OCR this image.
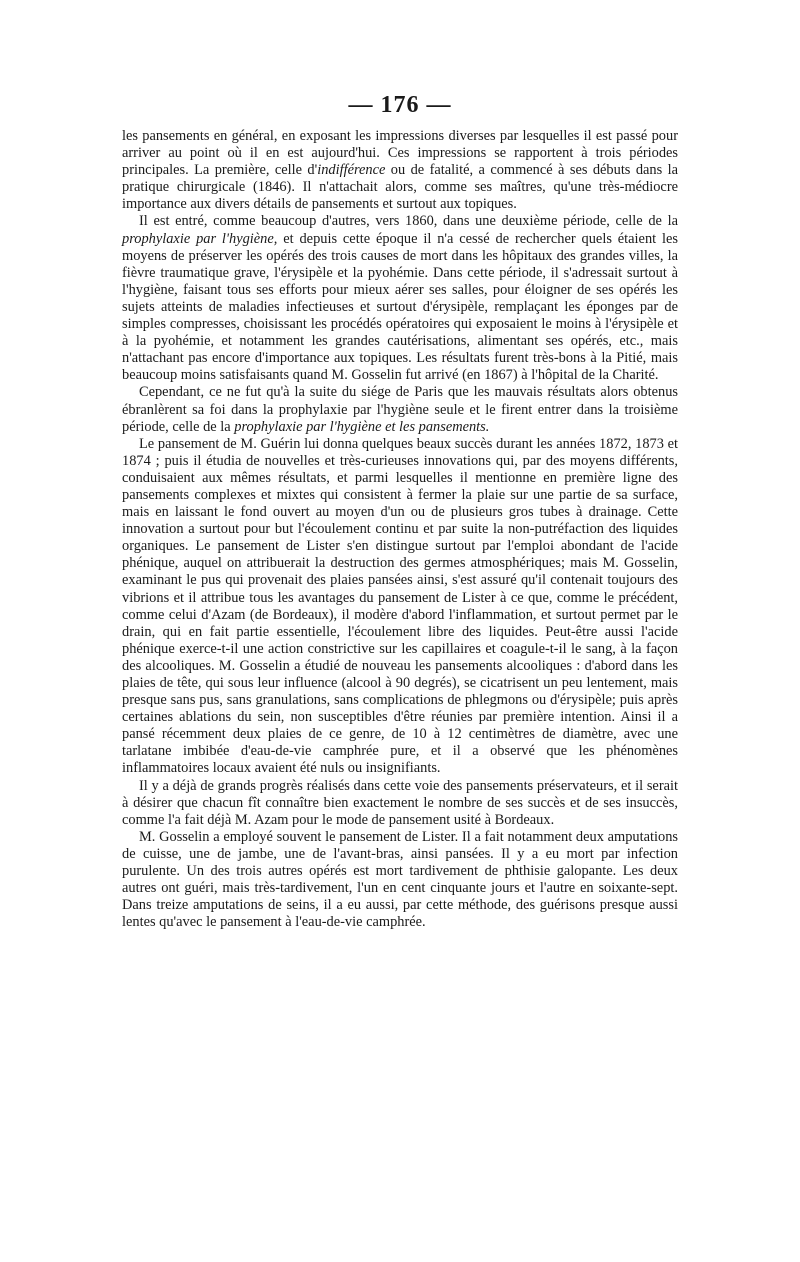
— 176 —

les pansements en général, en exposant les impressions diverses par lesquelles il est passé pour arriver au point où il en est aujourd'hui. Ces impressions se rapportent à trois périodes principales. La première, celle d'indifférence ou de fatalité, a commencé à ses débuts dans la pratique chirurgicale (1846). Il n'attachait alors, comme ses maîtres, qu'une très-médiocre importance aux divers détails de pansements et surtout aux topiques.

Il est entré, comme beaucoup d'autres, vers 1860, dans une deuxième période, celle de la prophylaxie par l'hygiène, et depuis cette époque il n'a cessé de rechercher quels étaient les moyens de préserver les opérés des trois causes de mort dans les hôpitaux des grandes villes, la fièvre traumatique grave, l'érysipèle et la pyohémie. Dans cette période, il s'adressait surtout à l'hygiène, faisant tous ses efforts pour mieux aérer ses salles, pour éloigner de ses opérés les sujets atteints de maladies infectieuses et surtout d'érysipèle, remplaçant les éponges par de simples compresses, choisissant les procédés opératoires qui exposaient le moins à l'érysipèle et à la pyohémie, et notamment les grandes cautérisations, alimentant ses opérés, etc., mais n'attachant pas encore d'importance aux topiques. Les résultats furent très-bons à la Pitié, mais beaucoup moins satisfaisants quand M. Gosselin fut arrivé (en 1867) à l'hôpital de la Charité.

Cependant, ce ne fut qu'à la suite du siége de Paris que les mauvais résultats alors obtenus ébranlèrent sa foi dans la prophylaxie par l'hygiène seule et le firent entrer dans la troisième période, celle de la prophylaxie par l'hygiène et les pansements.

Le pansement de M. Guérin lui donna quelques beaux succès durant les années 1872, 1873 et 1874 ; puis il étudia de nouvelles et très-curieuses innovations qui, par des moyens différents, conduisaient aux mêmes résultats, et parmi lesquelles il mentionne en première ligne des pansements complexes et mixtes qui consistent à fermer la plaie sur une partie de sa surface, mais en laissant le fond ouvert au moyen d'un ou de plusieurs gros tubes à drainage. Cette innovation a surtout pour but l'écoulement continu et par suite la non-putréfaction des liquides organiques. Le pansement de Lister s'en distingue surtout par l'emploi abondant de l'acide phénique, auquel on attribuerait la destruction des germes atmosphériques; mais M. Gosselin, examinant le pus qui provenait des plaies pansées ainsi, s'est assuré qu'il contenait toujours des vibrions et il attribue tous les avantages du pansement de Lister à ce que, comme le précédent, comme celui d'Azam (de Bordeaux), il modère d'abord l'inflammation, et surtout permet par le drain, qui en fait partie essentielle, l'écoulement libre des liquides. Peut-être aussi l'acide phénique exerce-t-il une action constrictive sur les capillaires et coagule-t-il le sang, à la façon des alcooliques. M. Gosselin a étudié de nouveau les pansements alcooliques : d'abord dans les plaies de tête, qui sous leur influence (alcool à 90 degrés), se cicatrisent un peu lentement, mais presque sans pus, sans granulations, sans complications de phlegmons ou d'érysipèle; puis après certaines ablations du sein, non susceptibles d'être réunies par première intention. Ainsi il a pansé récemment deux plaies de ce genre, de 10 à 12 centimètres de diamètre, avec une tarlatane imbibée d'eau-de-vie camphrée pure, et il a observé que les phénomènes inflammatoires locaux avaient été nuls ou insignifiants.

Il y a déjà de grands progrès réalisés dans cette voie des pansements préservateurs, et il serait à désirer que chacun fît connaître bien exactement le nombre de ses succès et de ses insuccès, comme l'a fait déjà M. Azam pour le mode de pansement usité à Bordeaux.

M. Gosselin a employé souvent le pansement de Lister. Il a fait notamment deux amputations de cuisse, une de jambe, une de l'avant-bras, ainsi pansées. Il y a eu mort par infection purulente. Un des trois autres opérés est mort tardivement de phthisie galopante. Les deux autres ont guéri, mais très-tardivement, l'un en cent cinquante jours et l'autre en soixante-sept. Dans treize amputations de seins, il a eu aussi, par cette méthode, des guérisons presque aussi lentes qu'avec le pansement à l'eau-de-vie camphrée.
